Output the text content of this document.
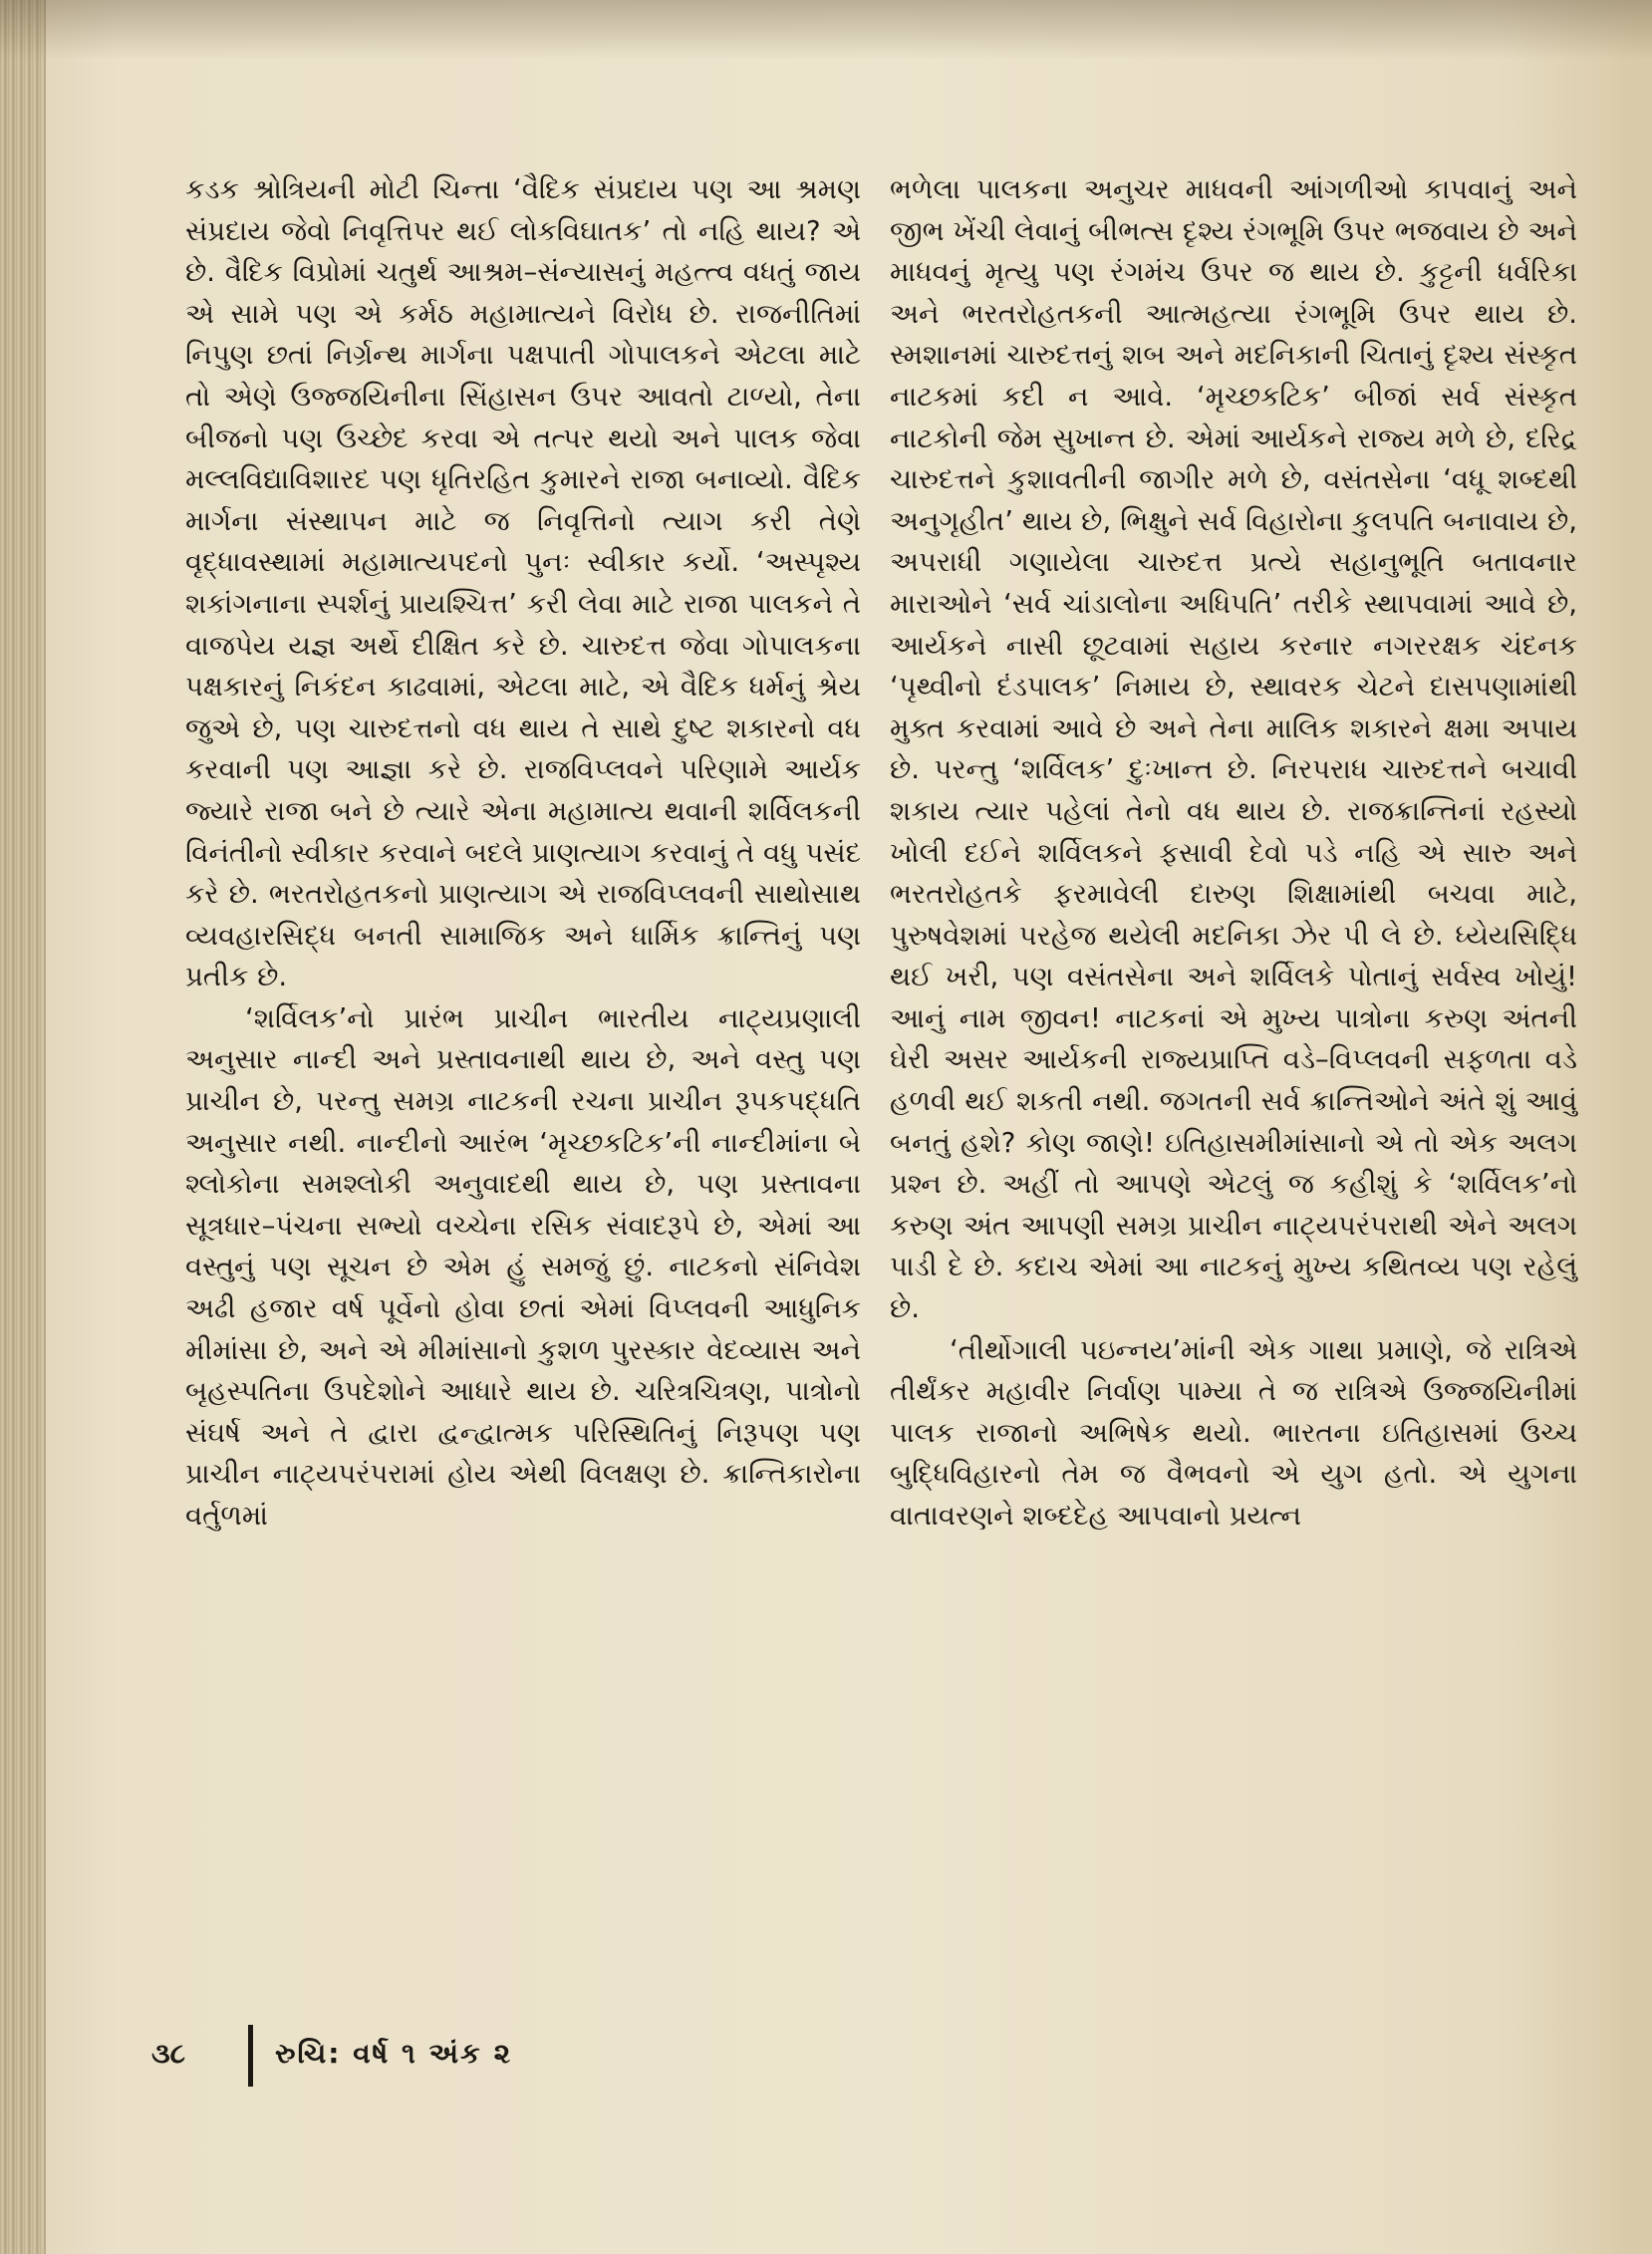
કડક શ્રોત્રિયની મોટી ચિન્તા ‘વૈદિક સંપ્રદાય પણ આ શ્રમણ સંપ્રદાય જેવો નિવૃત્તિપર થઈ લોકવિઘાતક’ તો નહિ થાય? એ છે. વૈદિક વિપ્રોમાં ચતુર્થ આશ્રમ–સંન્યાસનું મહત્ત્વ વધતું જાય એ સામે પણ એ કર્મઠ મહામાત્યને વિરોધ છે. રાજનીતિમાં નિપુણ છતાં નિર્ગ્રન્થ માર્ગના પક્ષપાતી ગોપાલકને એટલા માટે તો એણે ઉજ્જયિનીના સિંહાસન ઉપર આવતો ટાળ્યો, તેના બીજનો પણ ઉચ્છેદ કરવા એ તત્પર થયો અને પાલક જેવા મલ્લવિદ્યાવિશારદ પણ ધૃતિરહિત કુમારને રાજા બનાવ્યો. વૈદિક માર્ગના સંસ્થાપન માટે જ નિવૃત્તિનો ત્યાગ કરી તેણે વૃદ્ધાવસ્થામાં મહામાત્યપદનો પુનઃ સ્વીકાર કર્યો. ‘અસ્પૃશ્ય શકાંગનાના સ્પર્શનું પ્રાયશ્ચિત્ત’ કરી લેવા માટે રાજા પાલકને તે વાજપેય યજ્ઞ અર્થે દીક્ષિત કરે છે. ચારુદત્ત જેવા ગોપાલકના પક્ષકારનું નિકંદન કાઢવામાં, એટલા માટે, એ વૈદિક ધર્મનું શ્રેય જુએ છે, પણ ચારુદત્તનો વધ થાય તે સાથે દુષ્ટ શકારનો વધ કરવાની પણ આજ્ઞા કરે છે. રાજવિપ્લવને પરિણામે આર્યક જ્યારે રાજા બને છે ત્યારે એના મહામાત્ય થવાની શર્વિલકની વિનંતીનો સ્વીકાર કરવાને બદલે પ્રાણત્યાગ કરવાનું તે વધુ પસંદ કરે છે. ભરતરોહતકનો પ્રાણત્યાગ એ રાજવિપ્લવની સાથોસાથ વ્યવહારસિદ્ધ બનતી સામાજિક અને ધાર્મિક ક્રાન્તિનું પણ પ્રતીક છે.

‘શર્વિલક’નો પ્રારંભ પ્રાચીન ભારતીય નાટ્યપ્રણાલી અનુસાર નાન્દી અને પ્રસ્તાવનાથી થાય છે, અને વસ્તુ પણ પ્રાચીન છે, પરન્તુ સમગ્ર નાટકની રચના પ્રાચીન રૂપકપદ્ધતિ અનુસાર નથી. નાન્દીનો આરંભ ‘મૃચ્છકટિક’ની નાન્દીમાંના બે શ્લોકોના સમશ્લોકી અનુવાદથી થાય છે, પણ પ્રસ્તાવના સૂત્રધાર–પંચના સભ્યો વચ્ચેના રસિક સંવાદરૂપે છે, એમાં આ વસ્તુનું પણ સૂચન છે એમ હું સમજું છું. નાટકનો સંનિવેશ અઢી હજાર વર્ષ પૂર્વેનો હોવા છતાં એમાં વિપ્લવની આધુનિક મીમાંસા છે, અને એ મીમાંસાનો કુશળ પુરસ્કાર વેદવ્યાસ અને બૃહસ્પતિના ઉપદેશોને આધારે થાય છે. ચરિત્રચિત્રણ, પાત્રોનો સંઘર્ષ અને તે દ્વારા દ્વન્દ્વાત્મક પરિસ્થિતિનું નિરૂપણ પણ પ્રાચીન નાટ્યપરંપરામાં હોય એથી વિલક્ષણ છે. ક્રાન્તિકારોના વર્તુળમાં

ભળેલા પાલકના અનુચર માધવની આંગળીઓ કાપવાનું અને જીભ ખેંચી લેવાનું બીભત્સ દૃશ્ય રંગભૂમિ ઉપર ભજવાય છે અને માધવનું મૃત્યુ પણ રંગમંચ ઉપર જ થાય છે. કુટ્ટની ધર્વરિકા અને ભરતરોહતકની આત્મહત્યા રંગભૂમિ ઉપર થાય છે. સ્મશાનમાં ચારુદત્તનું શબ અને મદનિકાની ચિતાનું દૃશ્ય સંસ્કૃત નાટકમાં કદી ન આવે. ‘મૃચ્છકટિક’ બીજાં સર્વ સંસ્કૃત નાટકોની જેમ સુખાન્ત છે. એમાં આર્યકને રાજ્ય મળે છે, દરિદ્ર ચારુદત્તને કુશાવતીની જાગીર મળે છે, વસંતસેના ‘વધૂ શબ્દથી અનુગૃહીત’ થાય છે, ભિક્ષુને સર્વ વિહારોના કુલપતિ બનાવાય છે, અપરાધી ગણાયેલા ચારુદત્ત પ્રત્યે સહાનુભૂતિ બતાવનાર મારાઓને ‘સર્વ ચાંડાલોના અધિપતિ’ તરીકે સ્થાપવામાં આવે છે, આર્યકને નાસી છૂટવામાં સહાય કરનાર નગરરક્ષક ચંદનક ‘પૃથ્વીનો દંડપાલક’ નિમાય છે, સ્થાવરક ચેટને દાસપણામાંથી મુક્ત કરવામાં આવે છે અને તેના માલિક શકારને ક્ષમા અપાય છે. પરન્તુ ‘શર્વિલક’ દુઃખાન્ત છે. નિરપરાધ ચારુદત્તને બચાવી શકાય ત્યાર પહેલાં તેનો વધ થાય છે. રાજક્રાન્તિનાં રહસ્યો ખોલી દઈને શર્વિલકને ફસાવી દેવો પડે નહિ એ સારુ અને ભરતરોહતકે ફરમાવેલી દારુણ શિક્ષામાંથી બચવા માટે, પુરુષવેશમાં પરહેજ થયેલી મદનિકા ઝેર પી લે છે. ધ્યેયસિદ્ધિ થઈ ખરી, પણ વસંતસેના અને શર્વિલકે પોતાનું સર્વસ્વ ખોયું! આનું નામ જીવન! નાટકનાં એ મુખ્ય પાત્રોના કરુણ અંતની ઘેરી અસર આર્યકની રાજ્યપ્રાપ્તિ વડે–વિપ્લવની સફળતા વડે હળવી થઈ શકતી નથી. જગતની સર્વ ક્રાન્તિઓને અંતે શું આવું બનતું હશે? કોણ જાણે! ઇતિહાસમીમાંસાનો એ તો એક અલગ પ્રશ્ન છે. અહીં તો આપણે એટલું જ કહીશું કે ‘શર્વિલક’નો કરુણ અંત આપણી સમગ્ર પ્રાચીન નાટ્યપરંપરાથી એને અલગ પાડી દે છે. કદાચ એમાં આ નાટકનું મુખ્ય કથિતવ્ય પણ રહેલું છે.

‘તીર્થોગાલી પઇન્નય’માંની એક ગાથા પ્રમાણે, જે રાત્રિએ તીર્થંકર મહાવીર નિર્વાણ પામ્યા તે જ રાત્રિએ ઉજ્જયિનીમાં પાલક રાજાનો અભિષેક થયો. ભારતના ઇતિહાસમાં ઉચ્ચ બુદ્ધિવિહારનો તેમ જ વૈભવનો એ યુગ હતો. એ યુગના વાતાવરણને શબ્દદેહ આપવાનો પ્રયત્ન

૩૮	રુચિ: વર્ષ ૧ અંક ૨
